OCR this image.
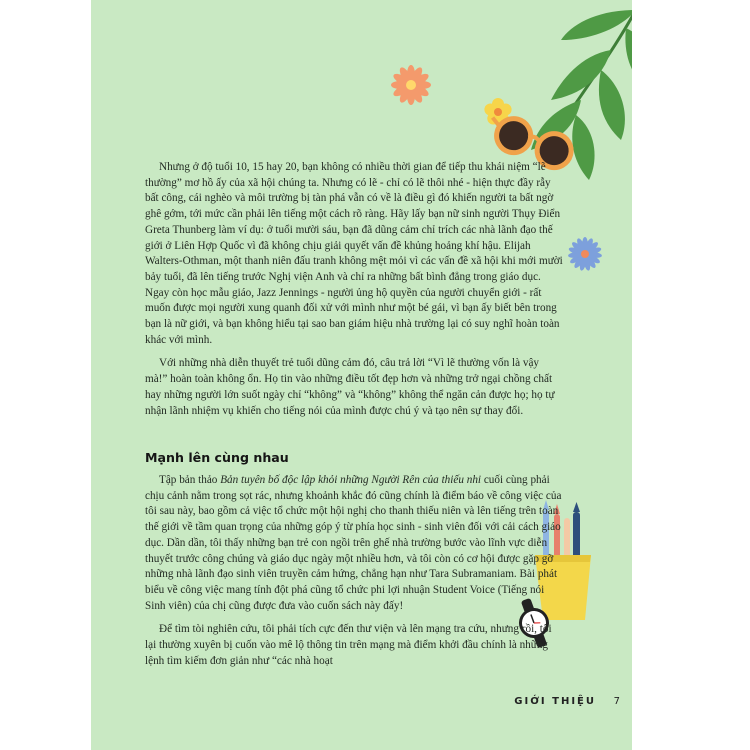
Nhưng ở độ tuổi 10, 15 hay 20, bạn không có nhiều thời gian để tiếp thu khái niệm “lẽ thường” mơ hồ ấy của xã hội chúng ta. Nhưng có lẽ - chỉ có lẽ thôi nhé - hiện thực đầy rẫy bất công, cái nghèo và môi trường bị tàn phá vẫn có về là điều gì đó khiến người ta bất ngờ ghê gớm, tới mức cần phải lên tiếng một cách rõ ràng. Hãy lấy bạn nữ sinh người Thụy Điển Greta Thunberg làm ví dụ: ở tuổi mười sáu, bạn đã dũng cảm chỉ trích các nhà lãnh đạo thế giới ở Liên Hợp Quốc vì đã không chịu giải quyết vấn đề khủng hoảng khí hậu. Elijah Walters-Othman, một thanh niên đấu tranh không mệt mỏi vì các vấn đề xã hội khi mới mười bảy tuổi, đã lên tiếng trước Nghị viện Anh và chỉ ra những bất bình đẳng trong giáo dục. Ngay còn học mẫu giáo, Jazz Jennings - người ủng hộ quyền của người chuyển giới - rất muốn được mọi người xung quanh đối xử với mình như một bé gái, vì bạn ấy biết bên trong bạn là nữ giới, và bạn không hiểu tại sao ban giám hiệu nhà trường lại có suy nghĩ hoàn toàn khác với mình.

Với những nhà diễn thuyết trẻ tuổi dũng cảm đó, câu trả lời “Vì lẽ thường vốn là vậy mà!” hoàn toàn không ổn. Họ tin vào những điều tốt đẹp hơn và những trở ngại chồng chất hay những người lớn suốt ngày chỉ “không” và “không” không thể ngăn cản được họ; họ tự nhận lãnh nhiệm vụ khiến cho tiếng nói của mình được chú ý và tạo nên sự thay đổi.

Mạnh lên cùng nhau

Tập bản thảo Bản tuyên bố độc lập khỏi những Người Rên của thiếu nhi cuối cùng phải chịu cảnh nằm trong sọt rác, nhưng khoảnh khắc đó cũng chính là điểm báo về công việc của tôi sau này, bao gồm cả việc tổ chức một hội nghị cho thanh thiếu niên và lên tiếng trên toàn thế giới về tầm quan trọng của những góp ý từ phía học sinh - sinh viên đối với cải cách giáo dục. Dần dần, tôi thấy những bạn trẻ con ngồi trên ghế nhà trường bước vào lĩnh vực diễn thuyết trước công chúng và giáo dục ngày một nhiều hơn, và tôi còn có cơ hội được gặp gỡ những nhà lãnh đạo sinh viên truyền cảm hứng, chẳng hạn như Tara Subramaniam. Bài phát biểu về công việc mang tính đột phá cũng tổ chức phi lợi nhuận Student Voice (Tiếng nói Sinh viên) của chị cũng được đưa vào cuốn sách này đấy!

Để tìm tòi nghiên cứu, tôi phải tích cực đến thư viện và lên mạng tra cứu, nhưng rồi, tôi lại thường xuyên bị cuốn vào mê lộ thông tin trên mạng mà điểm khởi đầu chính là những lệnh tìm kiếm đơn giản như “các nhà hoạt

GIỚI THIỆU 7
